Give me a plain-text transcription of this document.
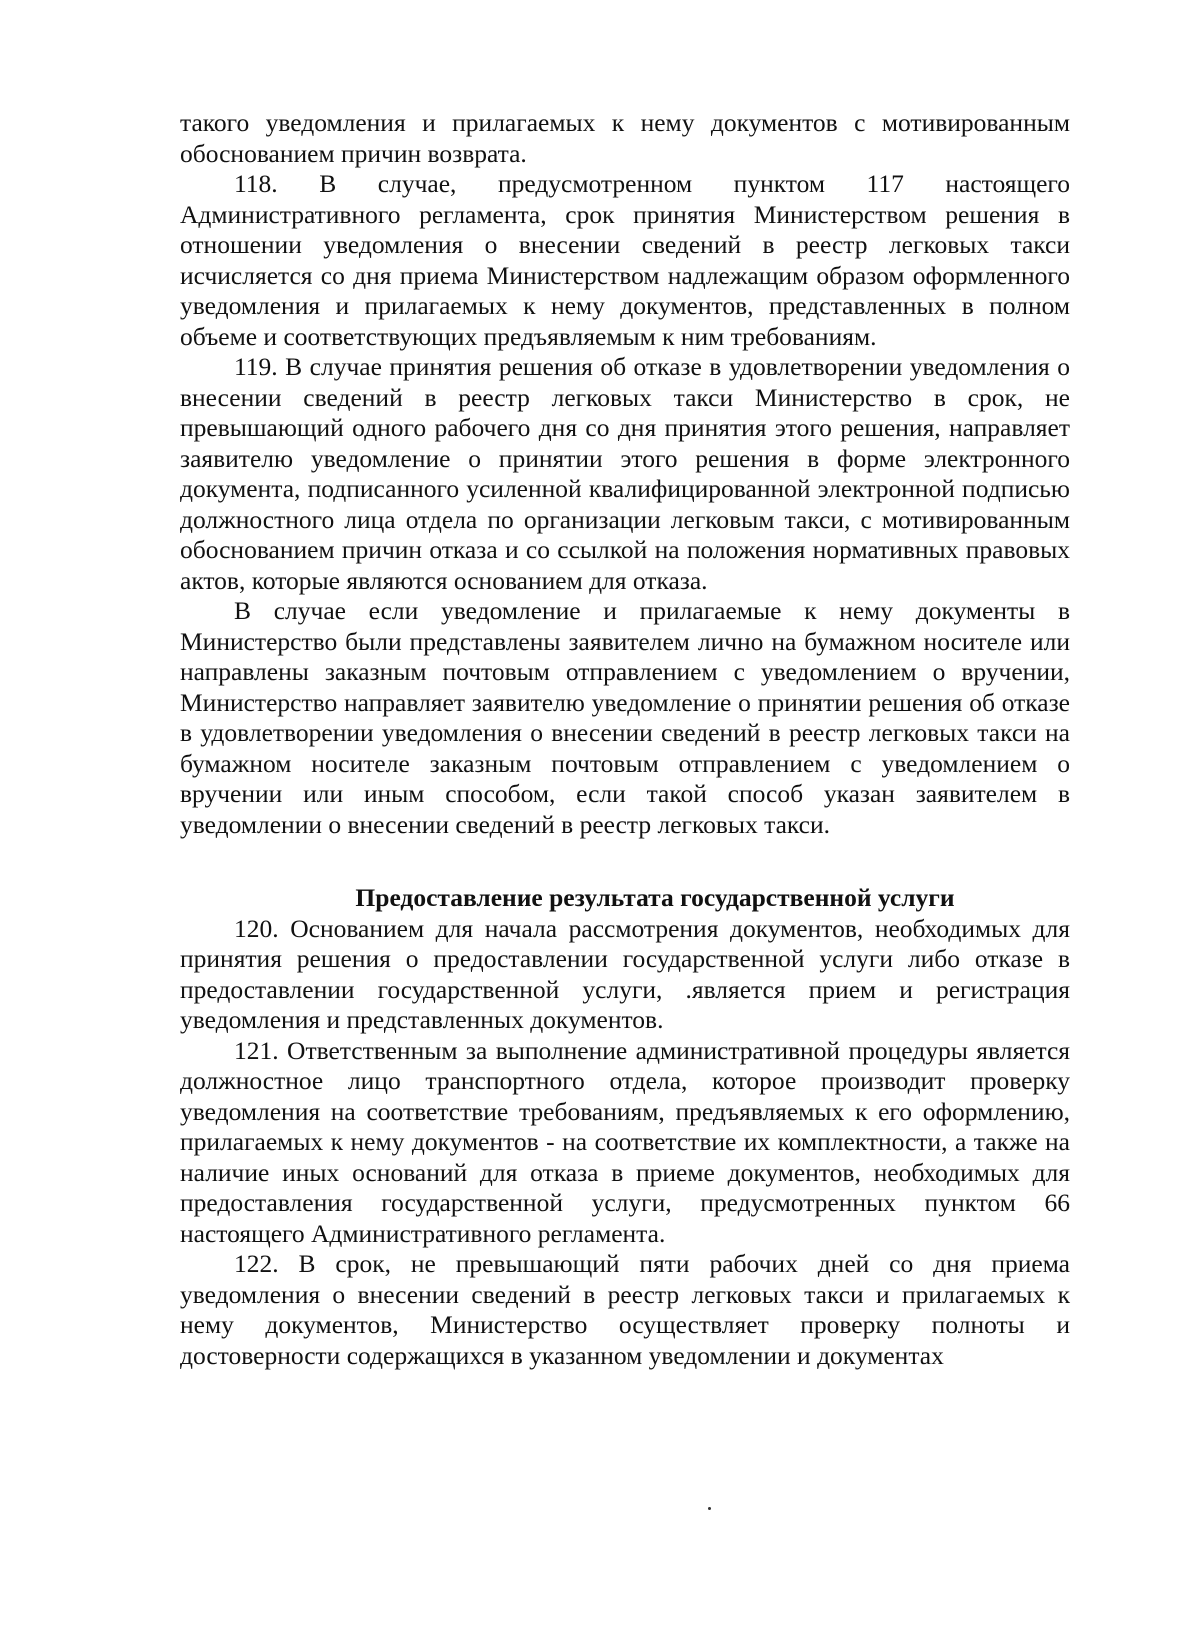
такого уведомления и прилагаемых к нему документов с мотивированным обоснованием причин возврата.

118. В случае, предусмотренном пунктом 117 настоящего Административного регламента, срок принятия Министерством решения в отношении уведомления о внесении сведений в реестр легковых такси исчисляется со дня приема Министерством надлежащим образом оформленного уведомления и прилагаемых к нему документов, представленных в полном объеме и соответствующих предъявляемым к ним требованиям.

119. В случае принятия решения об отказе в удовлетворении уведомления о внесении сведений в реестр легковых такси Министерство в срок, не превышающий одного рабочего дня со дня принятия этого решения, направляет заявителю уведомление о принятии этого решения в форме электронного документа, подписанного усиленной квалифицированной электронной подписью должностного лица отдела по организации легковым такси, с мотивированным обоснованием причин отказа и со ссылкой на положения нормативных правовых актов, которые являются основанием для отказа.

В случае если уведомление и прилагаемые к нему документы в Министерство были представлены заявителем лично на бумажном носителе или направлены заказным почтовым отправлением с уведомлением о вручении, Министерство направляет заявителю уведомление о принятии решения об отказе в удовлетворении уведомления о внесении сведений в реестр легковых такси на бумажном носителе заказным почтовым отправлением с уведомлением о вручении или иным способом, если такой способ указан заявителем в уведомлении о внесении сведений в реестр легковых такси.

Предоставление результата государственной услуги

120. Основанием для начала рассмотрения документов, необходимых для принятия решения о предоставлении государственной услуги либо отказе в предоставлении государственной услуги, .является прием и регистрация уведомления и представленных документов.

121. Ответственным за выполнение административной процедуры является должностное лицо транспортного отдела, которое производит проверку уведомления на соответствие требованиям, предъявляемых к его оформлению, прилагаемых к нему документов - на соответствие их комплектности, а также на наличие иных оснований для отказа в приеме документов, необходимых для предоставления государственной услуги, предусмотренных пунктом 66 настоящего Административного регламента.

122. В срок, не превышающий пяти рабочих дней со дня приема уведомления о внесении сведений в реестр легковых такси и прилагаемых к нему документов, Министерство осуществляет проверку полноты и достоверности содержащихся в указанном уведомлении и документах
